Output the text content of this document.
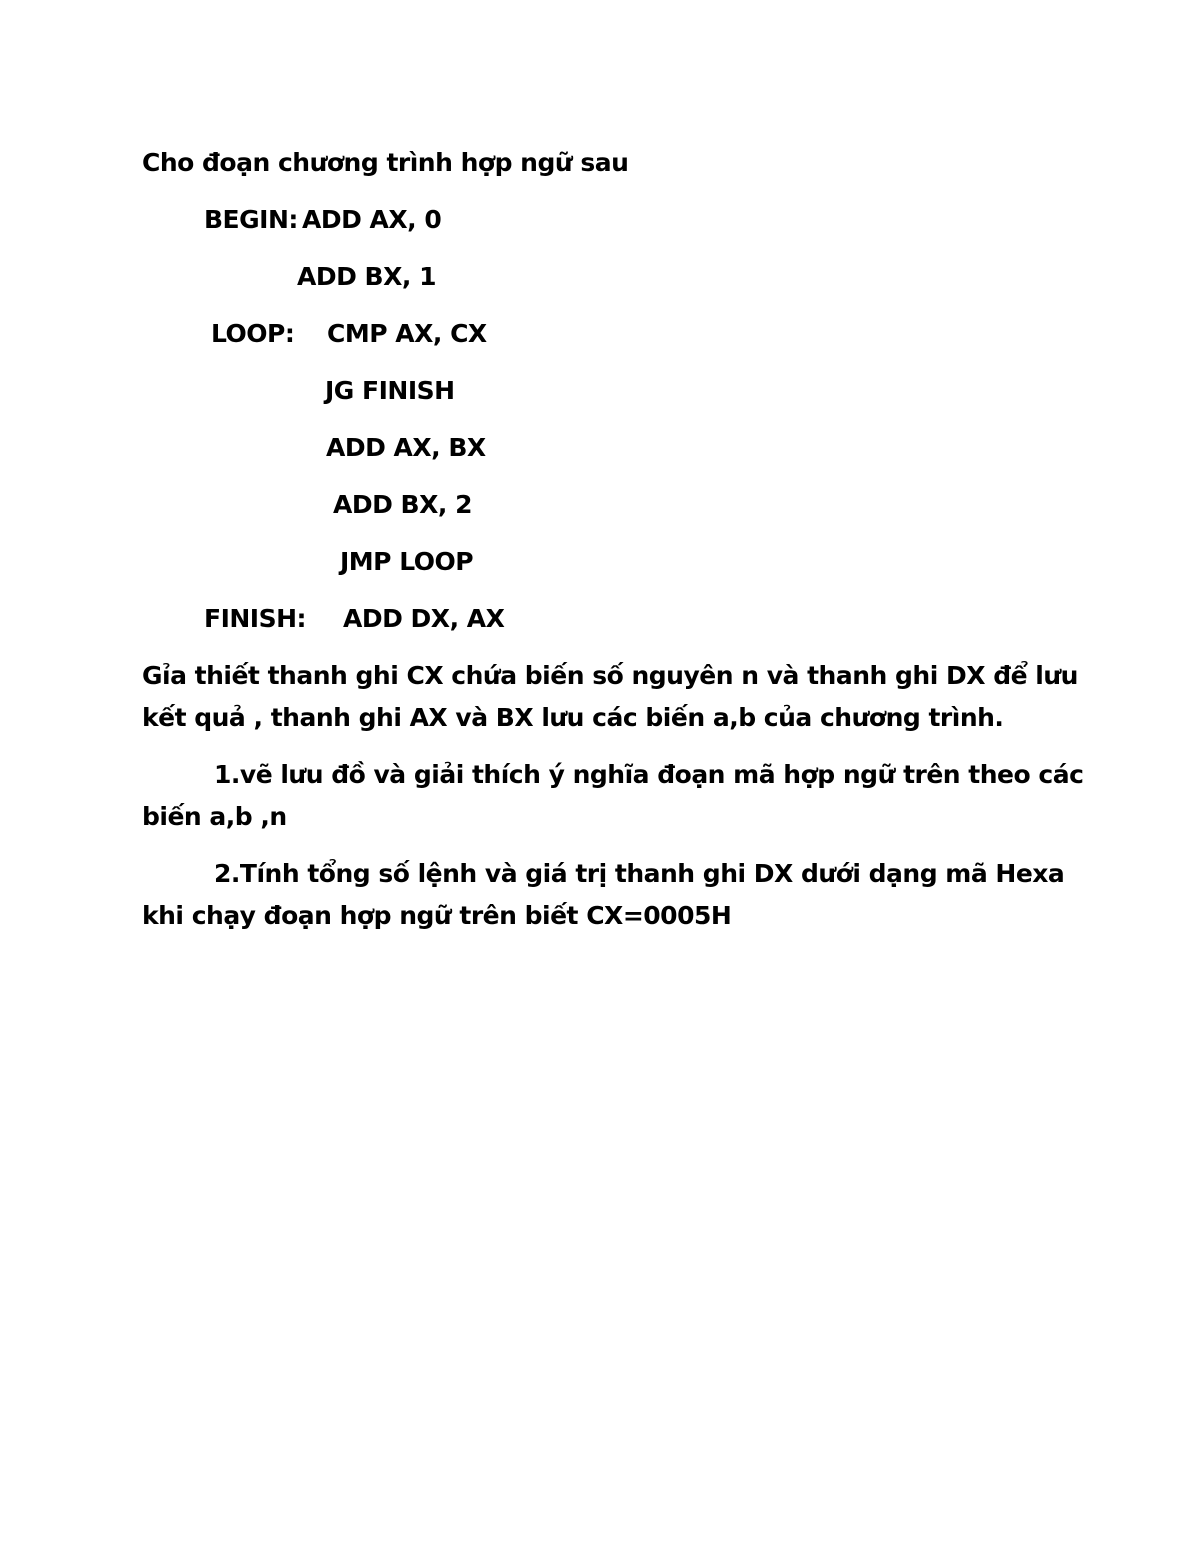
Cho đoạn chương trình hợp ngữ sau
BEGIN: ADD AX, 0
ADD BX, 1
LOOP: CMP AX, CX
JG FINISH
ADD AX, BX
ADD BX, 2
JMP LOOP
FINISH: ADD DX, AX
Gỉa thiết thanh ghi CX chứa biến số nguyên n và thanh ghi DX để lưu
kết quả , thanh ghi AX và BX lưu các biến a,b của chương trình.
1.vẽ lưu đồ và giải thích ý nghĩa đoạn mã hợp ngữ trên theo các
biến a,b ,n
2.Tính tổng số lệnh và giá trị thanh ghi DX dưới dạng mã Hexa
khi chạy đoạn hợp ngữ trên biết CX=0005H
